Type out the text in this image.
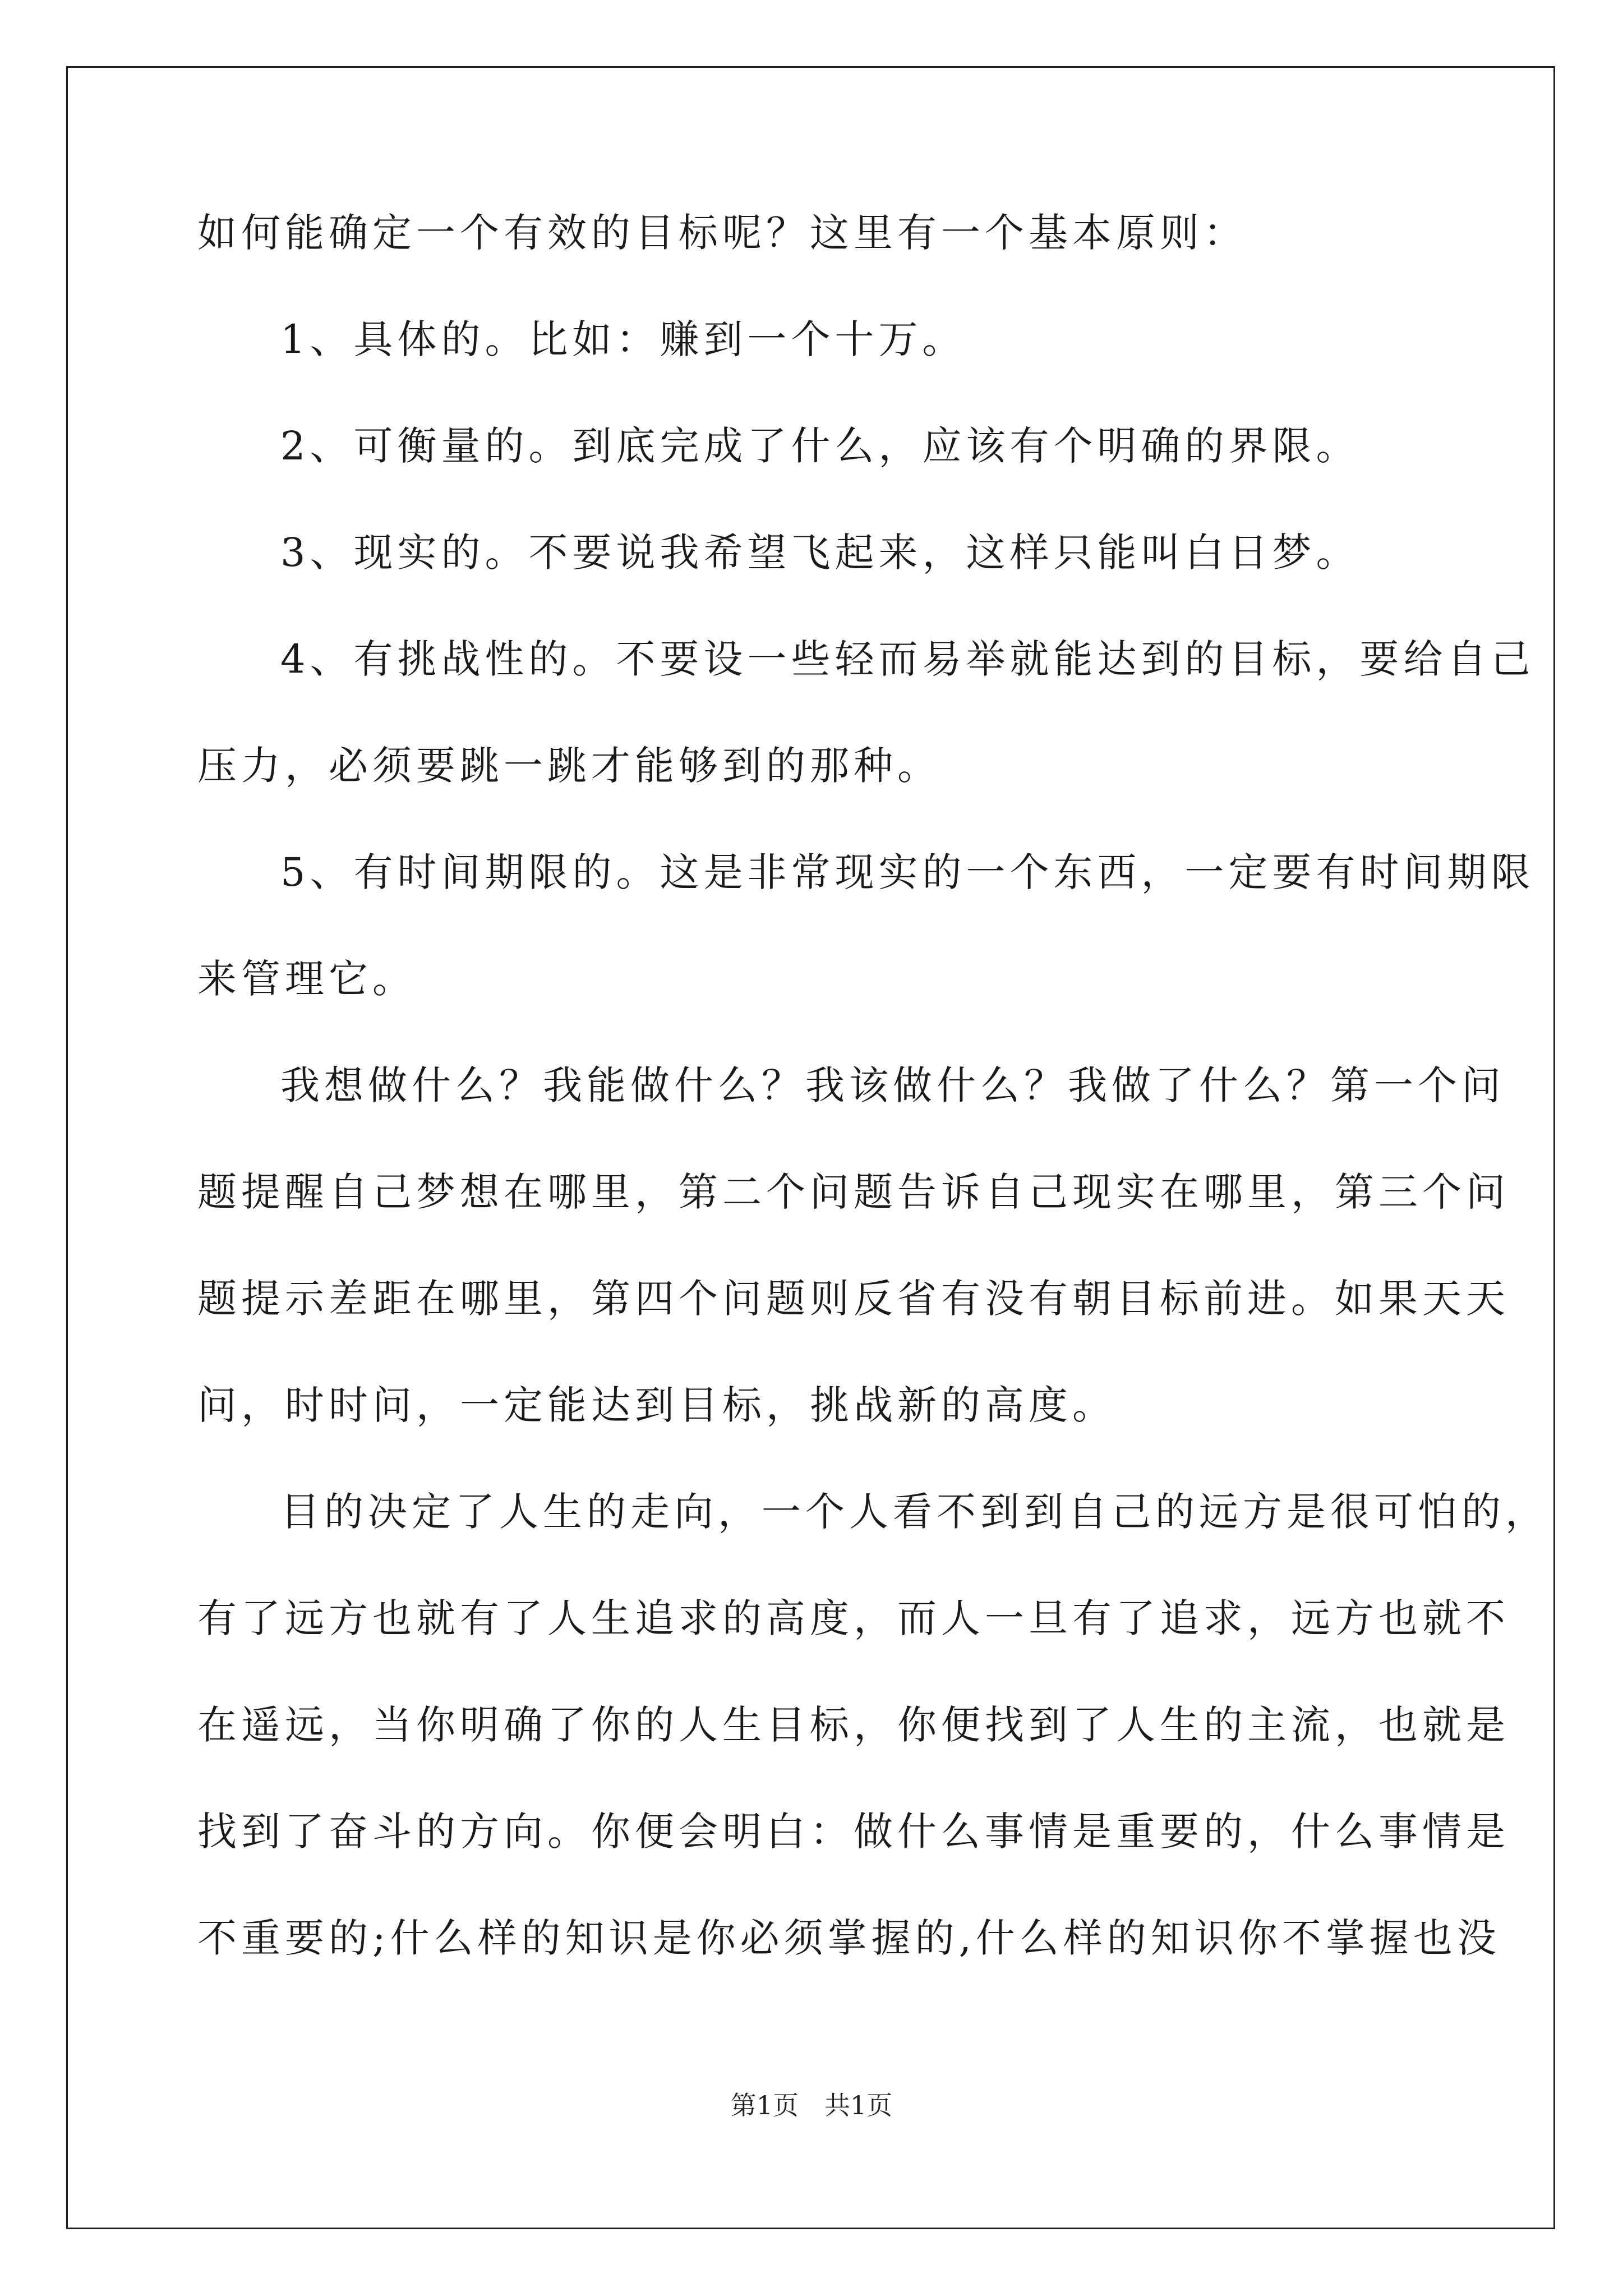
如何能确定一个有效的目标呢？这里有一个基本原则：
1、具体的。比如：赚到一个十万。
2、可衡量的。到底完成了什么，应该有个明确的界限。
3、现实的。不要说我希望飞起来，这样只能叫白日梦。
4、有挑战性的。不要设一些轻而易举就能达到的目标，要给自己
压力，必须要跳一跳才能够到的那种。
5、有时间期限的。这是非常现实的一个东西，一定要有时间期限
来管理它。
我想做什么？我能做什么？我该做什么？我做了什么？第一个问
题提醒自己梦想在哪里，第二个问题告诉自己现实在哪里，第三个问
题提示差距在哪里，第四个问题则反省有没有朝目标前进。如果天天
问，时时问，一定能达到目标，挑战新的高度。
目的决定了人生的走向，一个人看不到到自己的远方是很可怕的，
有了远方也就有了人生追求的高度，而人一旦有了追求，远方也就不
在遥远，当你明确了你的人生目标，你便找到了人生的主流，也就是
找到了奋斗的方向。你便会明白：做什么事情是重要的，什么事情是
不重要的;什么样的知识是你必须掌握的,什么样的知识你不掌握也没
第1页　共1页
